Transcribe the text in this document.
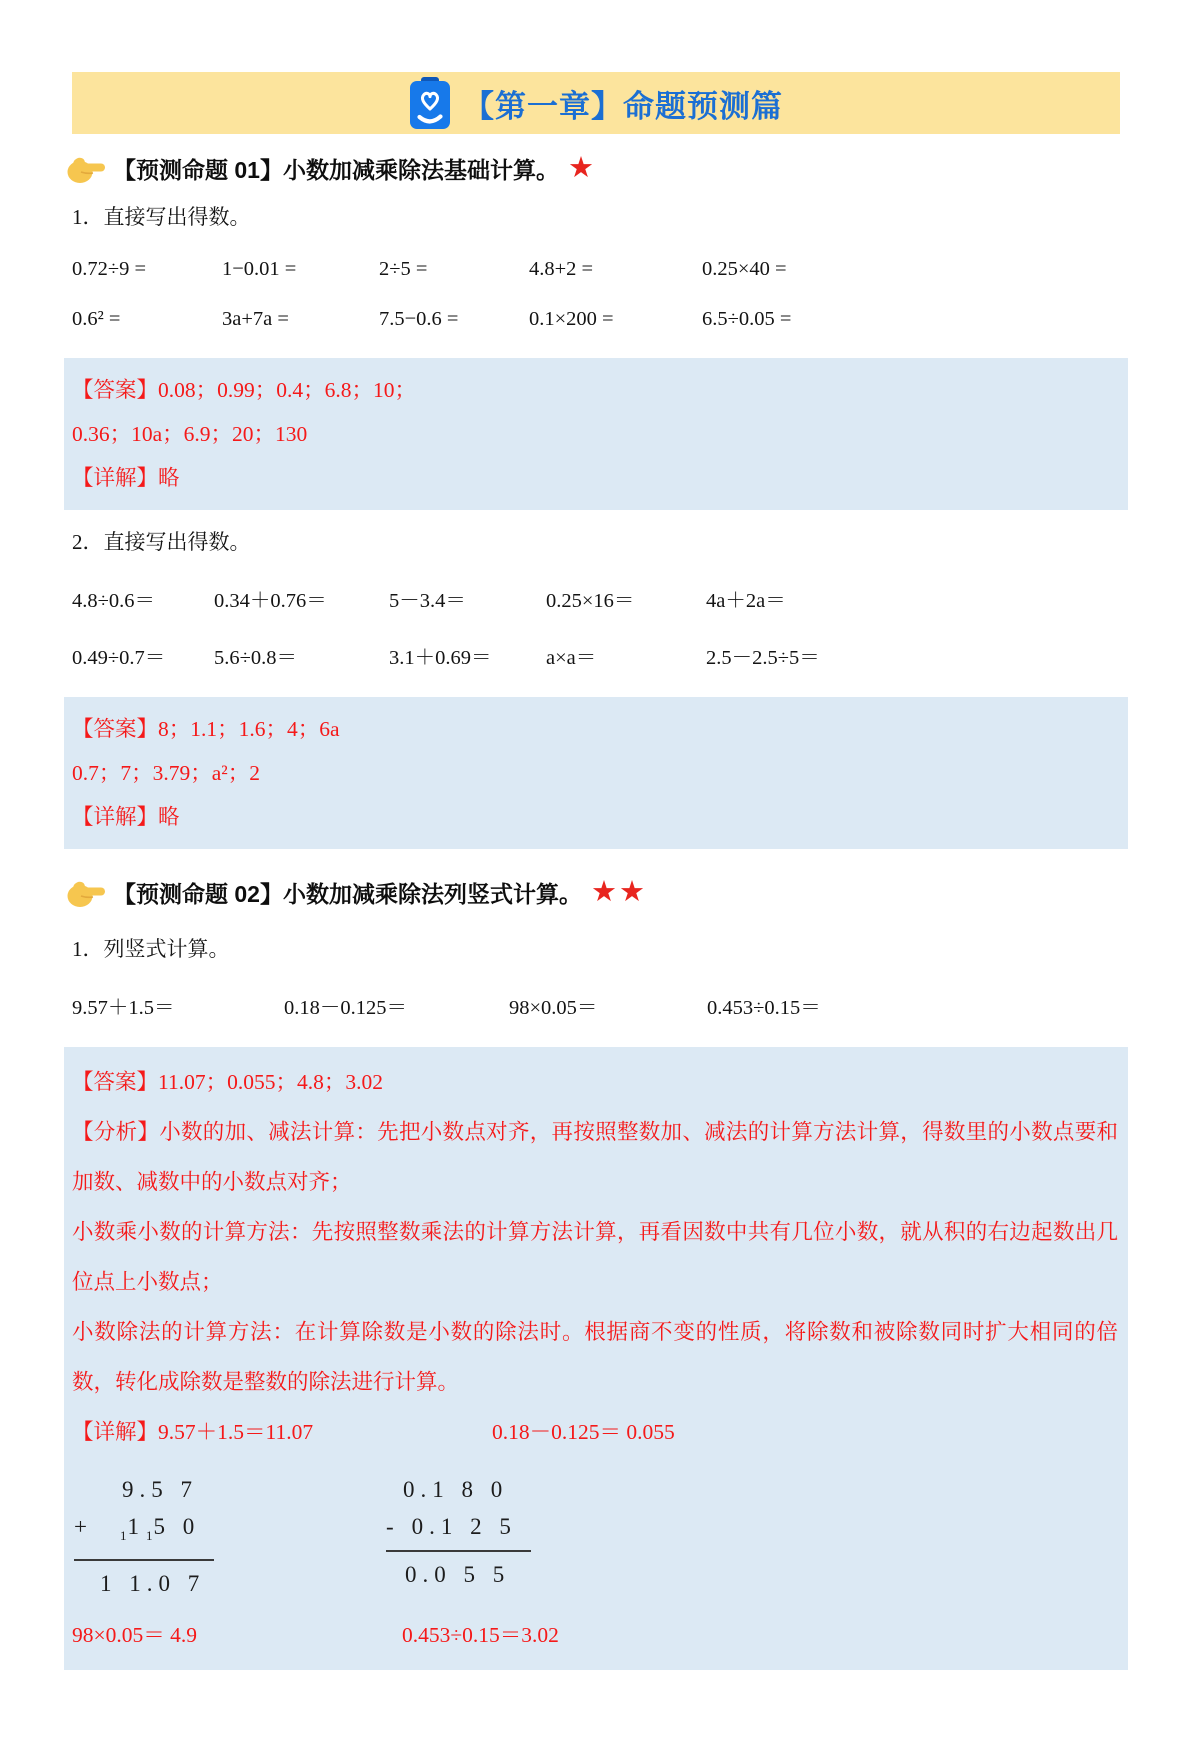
【第一章】命题预测篇
【预测命题 01】小数加减乘除法基础计算。 ★

1．直接写出得数。

0.72÷9 =	1−0.01 =	2÷5 =	4.8+2 =	0.25×40 =
0.6² =	3a+7a =	7.5−0.6 =	0.1×200 =	6.5÷0.05 =

【答案】0.08；0.99；0.4；6.8；10；

0.36；10a；6.9；20；130

【详解】略

2．直接写出得数。

4.8÷0.6＝	0.34＋0.76＝	5－3.4＝	0.25×16＝	4a＋2a＝
0.49÷0.7＝	5.6÷0.8＝	3.1＋0.69＝	a×a＝	2.5－2.5÷5＝

【答案】8；1.1；1.6；4；6a

0.7；7；3.79；a²；2

【详解】略

【预测命题 02】小数加减乘除法列竖式计算。 ★★

1．列竖式计算。

9.57＋1.5＝	0.18－0.125＝	98×0.05＝	0.453÷0.15＝

【答案】11.07；0.055；4.8；3.02

【分析】小数的加、减法计算：先把小数点对齐，再按照整数加、减法的计算方法计算，得数里的小数点要和加数、减数中的小数点对齐；

小数乘小数的计算方法：先按照整数乘法的计算方法计算，再看因数中共有几位小数，就从积的右边起数出几位点上小数点；

小数除法的计算方法：在计算除数是小数的除法时。根据商不变的性质，将除数和被除数同时扩大相同的倍数，转化成除数是整数的除法进行计算。

【详解】9.57＋1.5＝11.07	0.18－0.125＝ 0.055
9.5 7
+ $_11_15$ 0
1 1.0 7
0.1 8 0
- 0.1 2 5
0.0 5 5
98×0.05＝ 4.9	0.453÷0.15＝3.02
